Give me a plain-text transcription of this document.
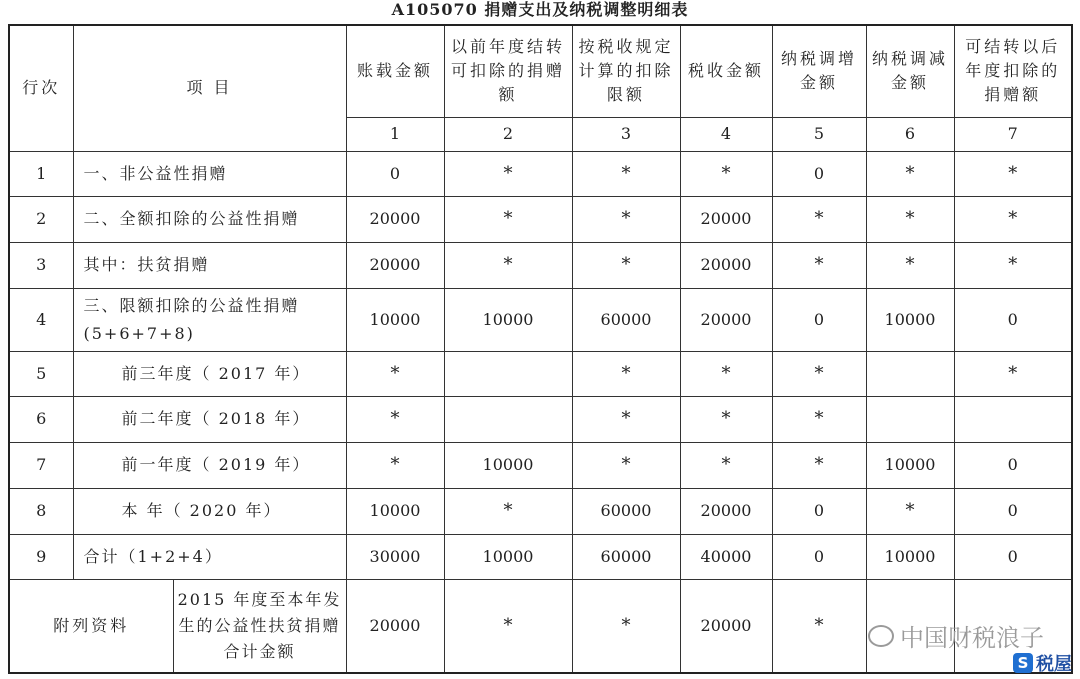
A105070 捐赠支出及纳税调整明细表
行次	项 目		账载金额	以前年度结转可扣除的捐赠额	按税收规定计算的扣除限额	税收金额	纳税调增金额	纳税调减金额	可结转以后年度扣除的捐赠额
			1	2	3	4	5	6	7
1	一、非公益性捐赠		0	*	*	*	0	*	*
2	二、全额扣除的公益性捐赠		20000	*	*	20000	*	*	*
3	其中：扶贫捐赠		20000	*	*	20000	*	*	*
4	三、限额扣除的公益性捐赠(5+6+7+8)		10000	10000	60000	20000	0	10000	0
5	前三年度（ 2017 年）		*		*	*	*		*
6	前二年度（ 2018 年）		*		*	*	*		
7	前一年度（ 2019 年）		*	10000	*	*	*	10000	0
8	本 年（ 2020 年）		10000	*	60000	20000	0	*	0
9	合计（1+2+4）		30000	10000	60000	40000	0	10000	0
附列资料		2015 年度至本年发生的公益性扶贫捐赠合计金额	20000	*	*	20000	*			中国财税浪子
S 税屋
